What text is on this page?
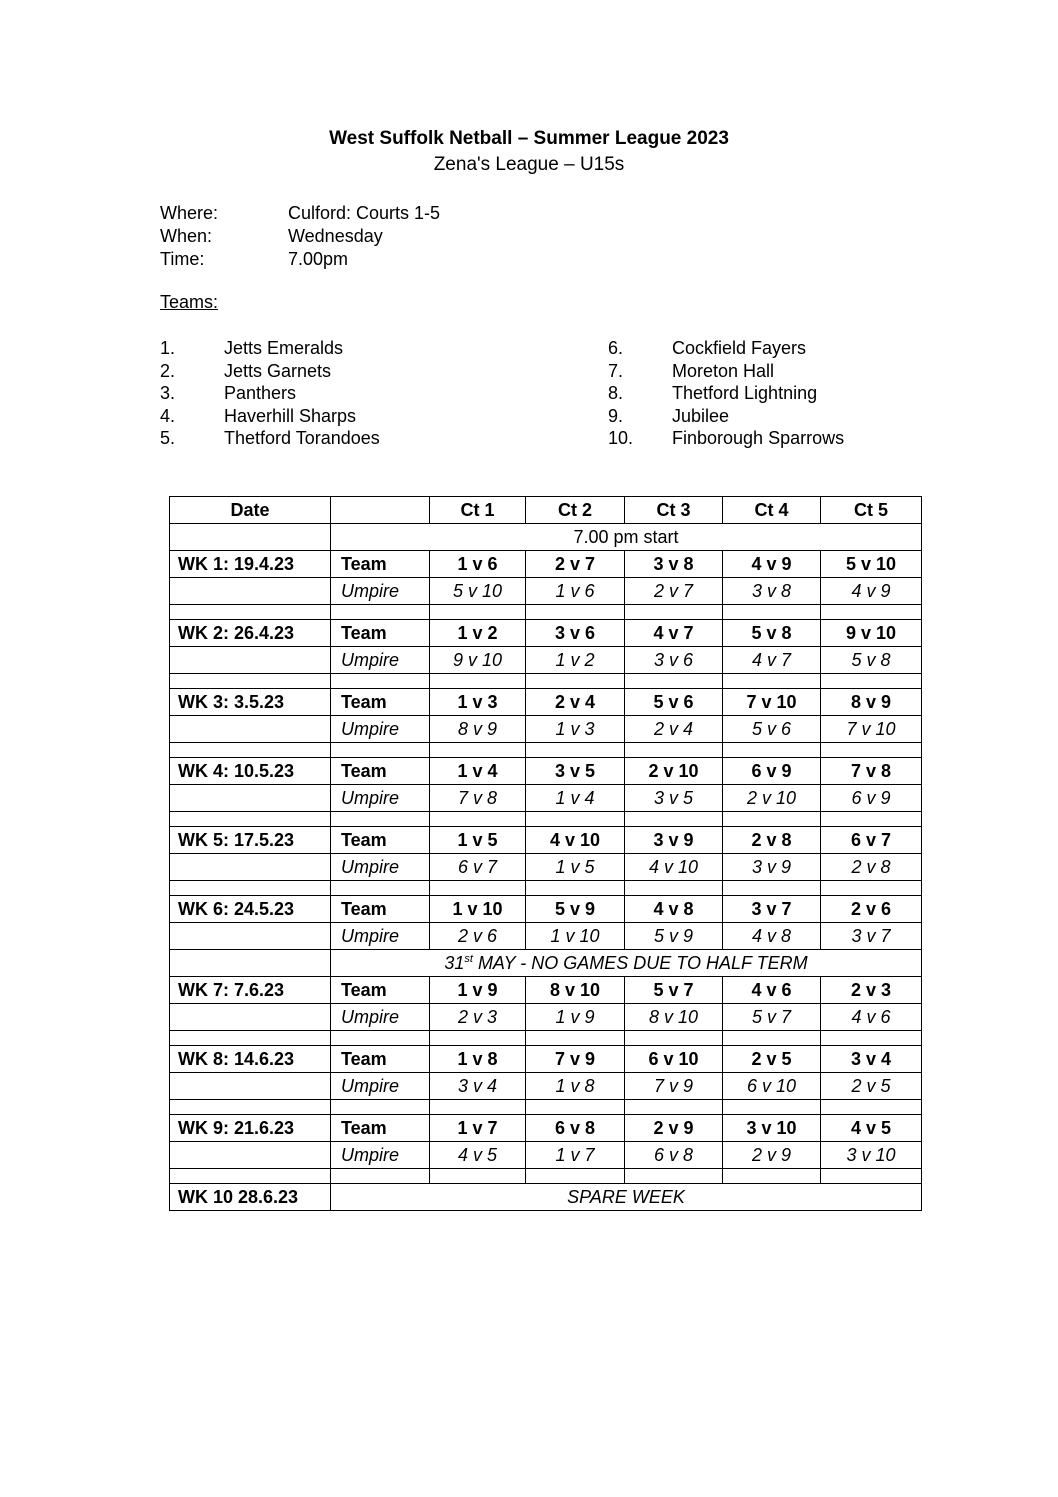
West Suffolk Netball – Summer League 2023
Zena's League – U15s
Where:	Culford: Courts 1-5
When:	Wednesday
Time:	7.00pm
Teams:
1.	Jetts Emeralds
2.	Jetts Garnets
3.	Panthers
4.	Haverhill Sharps
5.	Thetford Torandoes
6.	Cockfield Fayers
7.	Moreton Hall
8.	Thetford Lightning
9.	Jubilee
10.	Finborough Sparrows
Date		Ct 1	Ct 2	Ct 3	Ct 4	Ct 5
	7.00 pm start					
WK 1: 19.4.23	Team	1 v 6	2 v 7	3 v 8	4 v 9	5 v 10
	Umpire	5 v 10	1 v 6	2 v 7	3 v 8	4 v 9

WK 2: 26.4.23	Team	1 v 2	3 v 6	4 v 7	5 v 8	9 v 10
	Umpire	9 v 10	1 v 2	3 v 6	4 v 7	5 v 8

WK 3: 3.5.23	Team	1 v 3	2 v 4	5 v 6	7 v 10	8 v 9
	Umpire	8 v 9	1 v 3	2 v 4	5 v 6	7 v 10

WK 4: 10.5.23	Team	1 v 4	3 v 5	2 v 10	6 v 9	7 v 8
	Umpire	7 v 8	1 v 4	3 v 5	2 v 10	6 v 9

WK 5: 17.5.23	Team	1 v 5	4 v 10	3 v 9	2 v 8	6 v 7
	Umpire	6 v 7	1 v 5	4 v 10	3 v 9	2 v 8

WK 6: 24.5.23	Team	1 v 10	5 v 9	4 v 8	3 v 7	2 v 6
	Umpire	2 v 6	1 v 10	5 v 9	4 v 8	3 v 7
	31st MAY - NO GAMES DUE TO HALF TERM					
WK 7: 7.6.23	Team	1 v 9	8 v 10	5 v 7	4 v 6	2 v 3
	Umpire	2 v 3	1 v 9	8 v 10	5 v 7	4 v 6

WK 8: 14.6.23	Team	1 v 8	7 v 9	6 v 10	2 v 5	3 v 4
	Umpire	3 v 4	1 v 8	7 v 9	6 v 10	2 v 5

WK 9: 21.6.23	Team	1 v 7	6 v 8	2 v 9	3 v 10	4 v 5
	Umpire	4 v 5	1 v 7	6 v 8	2 v 9	3 v 10

WK 10 28.6.23	SPARE WEEK					
